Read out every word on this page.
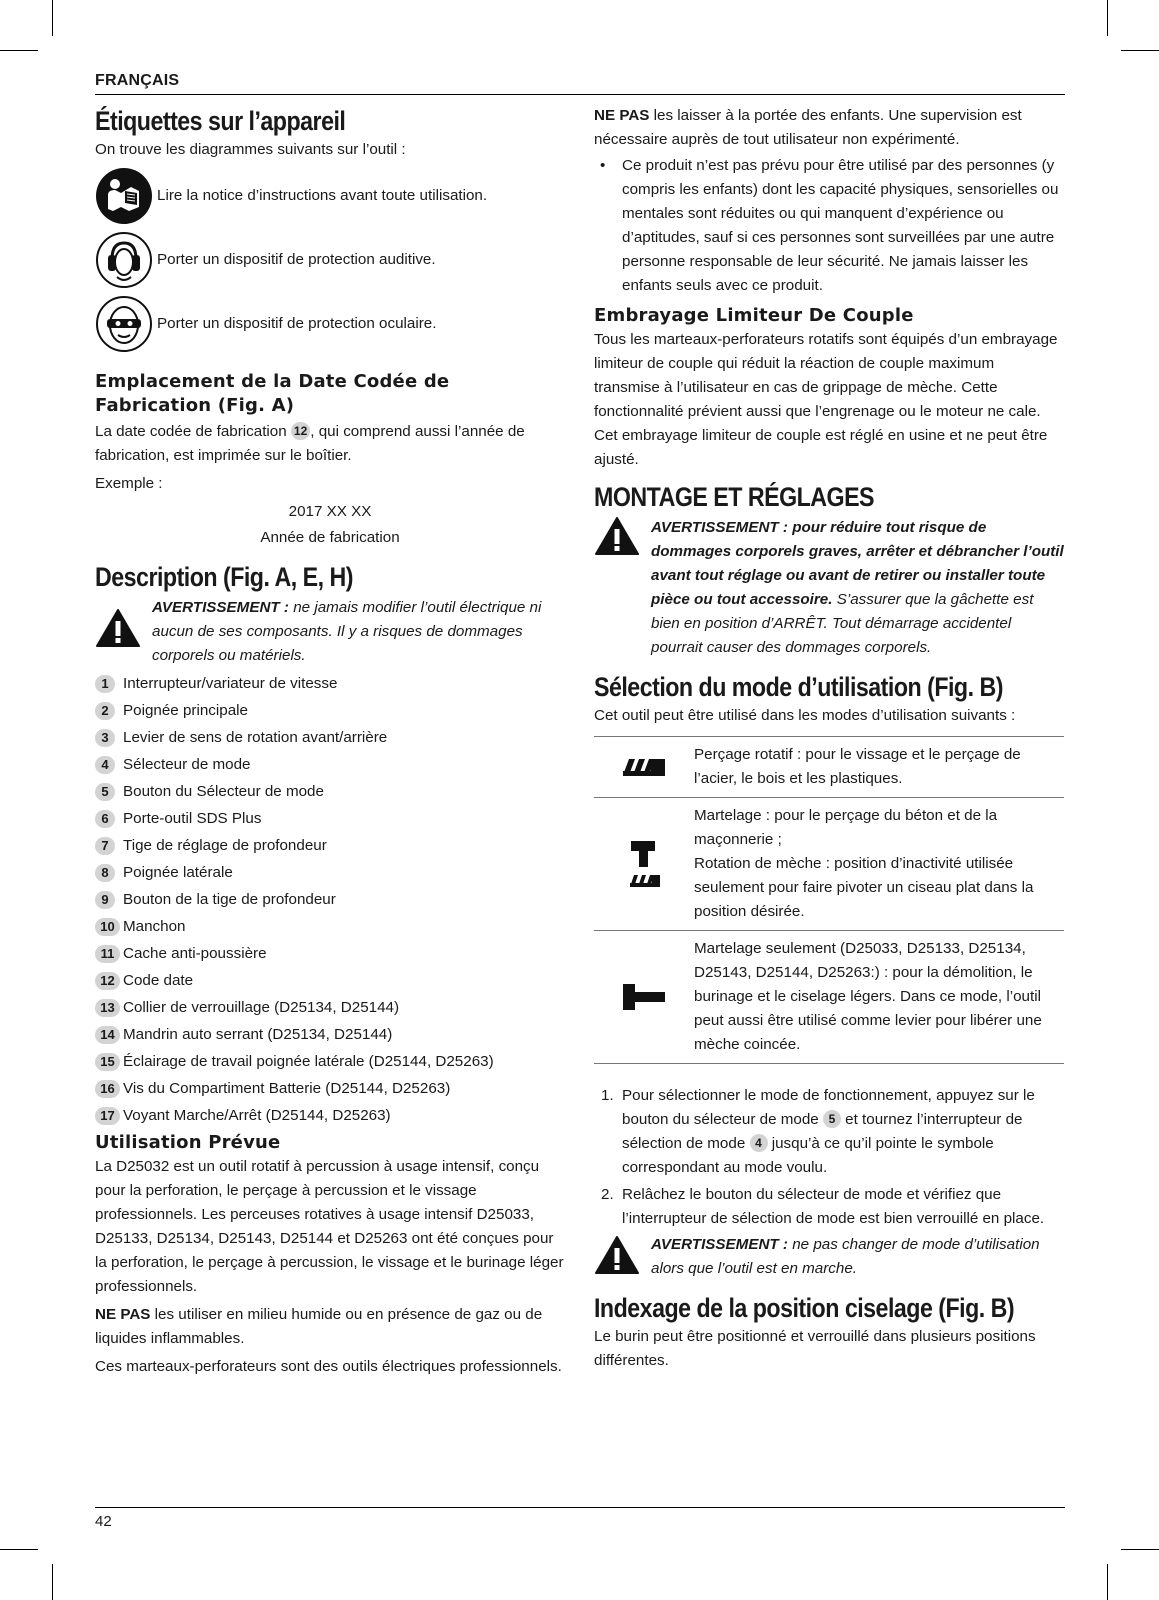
FRANÇAIS
42
Étiquettes sur l’appareil

On trouve les diagrammes suivants sur l’outil :

Lire la notice d’instructions avant toute utilisation.
Porter un dispositif de protection auditive.
Porter un dispositif de protection oculaire.
Emplacement de la Date Codée de Fabrication (Fig. A)

La date codée de fabrication 12 , qui comprend aussi l’année de fabrication, est imprimée sur le boîtier.

Exemple :

2017 XX XX

Année de fabrication

Description (Fig. A, E, H)
AVERTISSEMENT : ne jamais modifier l’outil électrique ni aucun de ses composants. Il y a risques de dommages corporels ou matériels.
1 Interrupteur/variateur de vitesse
2 Poignée principale
3 Levier de sens de rotation avant/arrière
4 Sélecteur de mode
5 Bouton du Sélecteur de mode
6 Porte-outil SDS Plus
7 Tige de réglage de profondeur
8 Poignée latérale
9 Bouton de la tige de profondeur
10 Manchon
11 Cache anti-poussière
12 Code date
13 Collier de verrouillage (D25134, D25144)
14 Mandrin auto serrant (D25134, D25144)
15 Éclairage de travail poignée latérale (D25144, D25263)
16 Vis du Compartiment Batterie (D25144, D25263)
17 Voyant Marche/Arrêt (D25144, D25263)
Utilisation Prévue

La D25032 est un outil rotatif à percussion à usage intensif, conçu pour la perforation, le perçage à percussion et le vissage professionnels. Les perceuses rotatives à usage intensif D25033, D25133, D25134, D25143, D25144 et D25263 ont été conçues pour la perforation, le perçage à percussion, le vissage et le burinage léger professionnels.

NE PAS les utiliser en milieu humide ou en présence de gaz ou de liquides inflammables.

Ces marteaux-perforateurs sont des outils électriques professionnels.

NE PAS les laisser à la portée des enfants. Une supervision est nécessaire auprès de tout utilisateur non expérimenté.

• Ce produit n’est pas prévu pour être utilisé par des personnes (y compris les enfants) dont les capacité physiques, sensorielles ou mentales sont réduites ou qui manquent d’expérience ou d’aptitudes, sauf si ces personnes sont surveillées par une autre personne responsable de leur sécurité. Ne jamais laisser les enfants seuls avec ce produit.
Embrayage Limiteur De Couple

Tous les marteaux-perforateurs rotatifs sont équipés d’un embrayage limiteur de couple qui réduit la réaction de couple maximum transmise à l’utilisateur en cas de grippage de mèche. Cette fonctionnalité prévient aussi que l’engrenage ou le moteur ne cale. Cet embrayage limiteur de couple est réglé en usine et ne peut être ajusté.

MONTAGE ET RÉGLAGES
AVERTISSEMENT : pour réduire tout risque de dommages corporels graves, arrêter et débrancher l’outil avant tout réglage ou avant de retirer ou installer toute pièce ou tout accessoire. S’assurer que la gâchette est bien en position d’ARRÊT. Tout démarrage accidentel pourrait causer des dommages corporels.
Sélection du mode d’utilisation (Fig. B)

Cet outil peut être utilisé dans les modes d’utilisation suivants :

Perçage rotatif : pour le vissage et le perçage de l’acier, le bois et les plastiques.
Martelage : pour le perçage du béton et de la maçonnerie ;
Rotation de mèche : position d’inactivité utilisée seulement pour faire pivoter un ciseau plat dans la position désirée.
Martelage seulement (D25033, D25133, D25134, D25143, D25144, D25263:) : pour la démolition, le burinage et le ciselage légers. Dans ce mode, l’outil peut aussi être utilisé comme levier pour libérer une mèche coincée.
1. Pour sélectionner le mode de fonctionnement, appuyez sur le bouton du sélecteur de mode 5 et tournez l’interrupteur de sélection de mode 4 jusqu’à ce qu’il pointe le symbole correspondant au mode voulu.
2. Relâchez le bouton du sélecteur de mode et vérifiez que l’interrupteur de sélection de mode est bien verrouillé en place.
AVERTISSEMENT : ne pas changer de mode d’utilisation alors que l’outil est en marche.
Indexage de la position ciselage (Fig. B)

Le burin peut être positionné et verrouillé dans plusieurs positions différentes.
